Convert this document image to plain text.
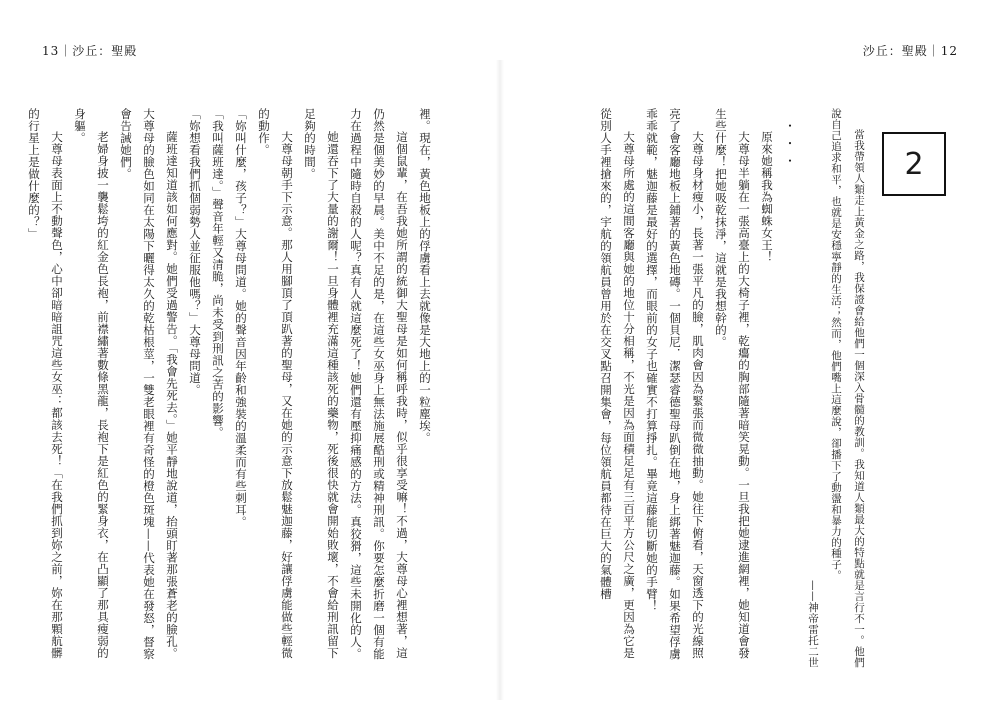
13｜沙丘：聖殿	沙丘：聖殿｜12
2

當我帶領人類走上黃金之路，我保證會給他們一個深入骨髓的教訓。我知道人類最大的特點就是言行不一。他們說自己追求和平，也就是安穩寧靜的生活；然而，他們嘴上這麼說，卻播下了動盪和暴力的種子。

——神帝雷托二世

・・・

原來她稱我為蜘蛛女王！

大尊母半躺在一張高臺上的大椅子裡，乾癟的胸部隨著暗笑晃動。一旦我把她逮進網裡，她知道會發生些什麼！把她吸乾抹淨，這就是我想幹的。

大尊母身材瘦小，長著一張平凡的臉，肌肉會因為緊張而微微抽動。她往下俯看，天窗透下的光線照亮了會客廳地板上鋪著的黃色地磚。一個貝尼．潔瑟睿德聖母趴倒在地，身上綁著魅迦藤。如果希望俘虜乖乖就範，魅迦藤是最好的選擇，而眼前的女子也確實不打算掙扎。畢竟這藤能切斷她的手臂！

大尊母所處的這間客廳與她的地位十分相稱，不光是因為面積足足有三百平方公尺之廣，更因為它是從別人手裡搶來的，宇航的領航員曾用於在交叉點召開集會，每位領航員都待在巨大的氣體槽

裡。現在，黃色地板上的俘虜看上去就像是大地上的一粒塵埃。

這個鼠輩，在吾我她所謂的統御大聖母是如何稱呼我時，似乎很享受嘛！不過，大尊母心裡想著，這仍然是個美妙的早晨。美中不足的是，在這些女巫身上無法施展酷刑或精神刑訊。你要怎麼折磨一個有能力在過程中隨時自殺的人呢？真有人就這麼死了！她們還有壓抑痛感的方法。真狡猾，這些未開化的人。

她還吞下了大量的謝爾！一旦身體裡充滿這種該死的藥物，死後很快就會開始敗壞，不會給刑訊留下足夠的時間。

大尊母朝手下示意。那人用腳頂了頂趴著的聖母，又在她的示意下放鬆魅迦藤，好讓俘虜能做些輕微的動作。

「妳叫什麼，孩子？」大尊母問道。她的聲音因年齡和強裝的溫柔而有些刺耳。

「我叫薩班達。」聲音年輕又清脆，尚未受到刑訊之苦的影響。

「妳想看我們抓個弱勢人並征服他嗎？」大尊母問道。

薩班達知道該如何應對。她們受過警告。「我會先死去。」她平靜地說道，抬頭盯著那張蒼老的臉孔。大尊母的臉色如同在太陽下曬得太久的乾枯根莖，一雙老眼裡有奇怪的橙色斑塊——代表她在發怒，督察會告誡她們。

老婦身披一襲鬆垮的紅金色長袍，前襟繡著數條黑龍，長袍下是紅色的緊身衣，在凸顯了那具瘦弱的身軀。

大尊母表面上不動聲色，心中卻暗暗詛咒這些女巫：都該去死！「在我們抓到妳之前，妳在那顆航髒的行星上是做什麼的？」
